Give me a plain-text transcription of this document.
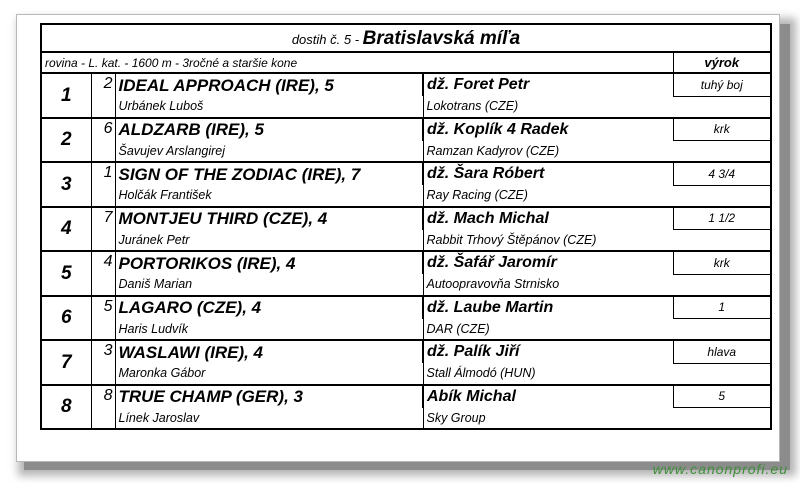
dostih č. 5 - Bratislavská míľa				
rovina - L. kat. - 1600 m - 3ročné a staršie kone				výrok
1	2	IDEAL APPROACH (IRE), 5	dž. Foret Petr	tuhý boj
		Urbánek Luboš	Lokotrans (CZE)	
2	6	ALDZARB (IRE), 5	dž. Koplík 4 Radek	krk
		Šavujev Arslangirej	Ramzan Kadyrov (CZE)	
3	1	SIGN OF THE ZODIAC (IRE), 7	dž. Šara Róbert	4 3/4
		Holčák František	Ray Racing (CZE)	
4	7	MONTJEU THIRD (CZE), 4	dž. Mach Michal	1 1/2
		Juránek Petr	Rabbit Trhový Štěpánov (CZE)	
5	4	PORTORIKOS (IRE), 4	dž. Šafář Jaromír	krk
		Daniš Marian	Autoopravovňa Strnisko	
6	5	LAGARO (CZE), 4	dž. Laube Martin	1
		Haris Ludvík	DAR (CZE)	
7	3	WASLAWI (IRE), 4	dž. Palík Jiří	hlava
		Maronka Gábor	Stall Álmodó (HUN)	
8	8	TRUE CHAMP (GER), 3	Abík Michal	5
		Línek Jaroslav	Sky Group	
www.canonprofi.eu
